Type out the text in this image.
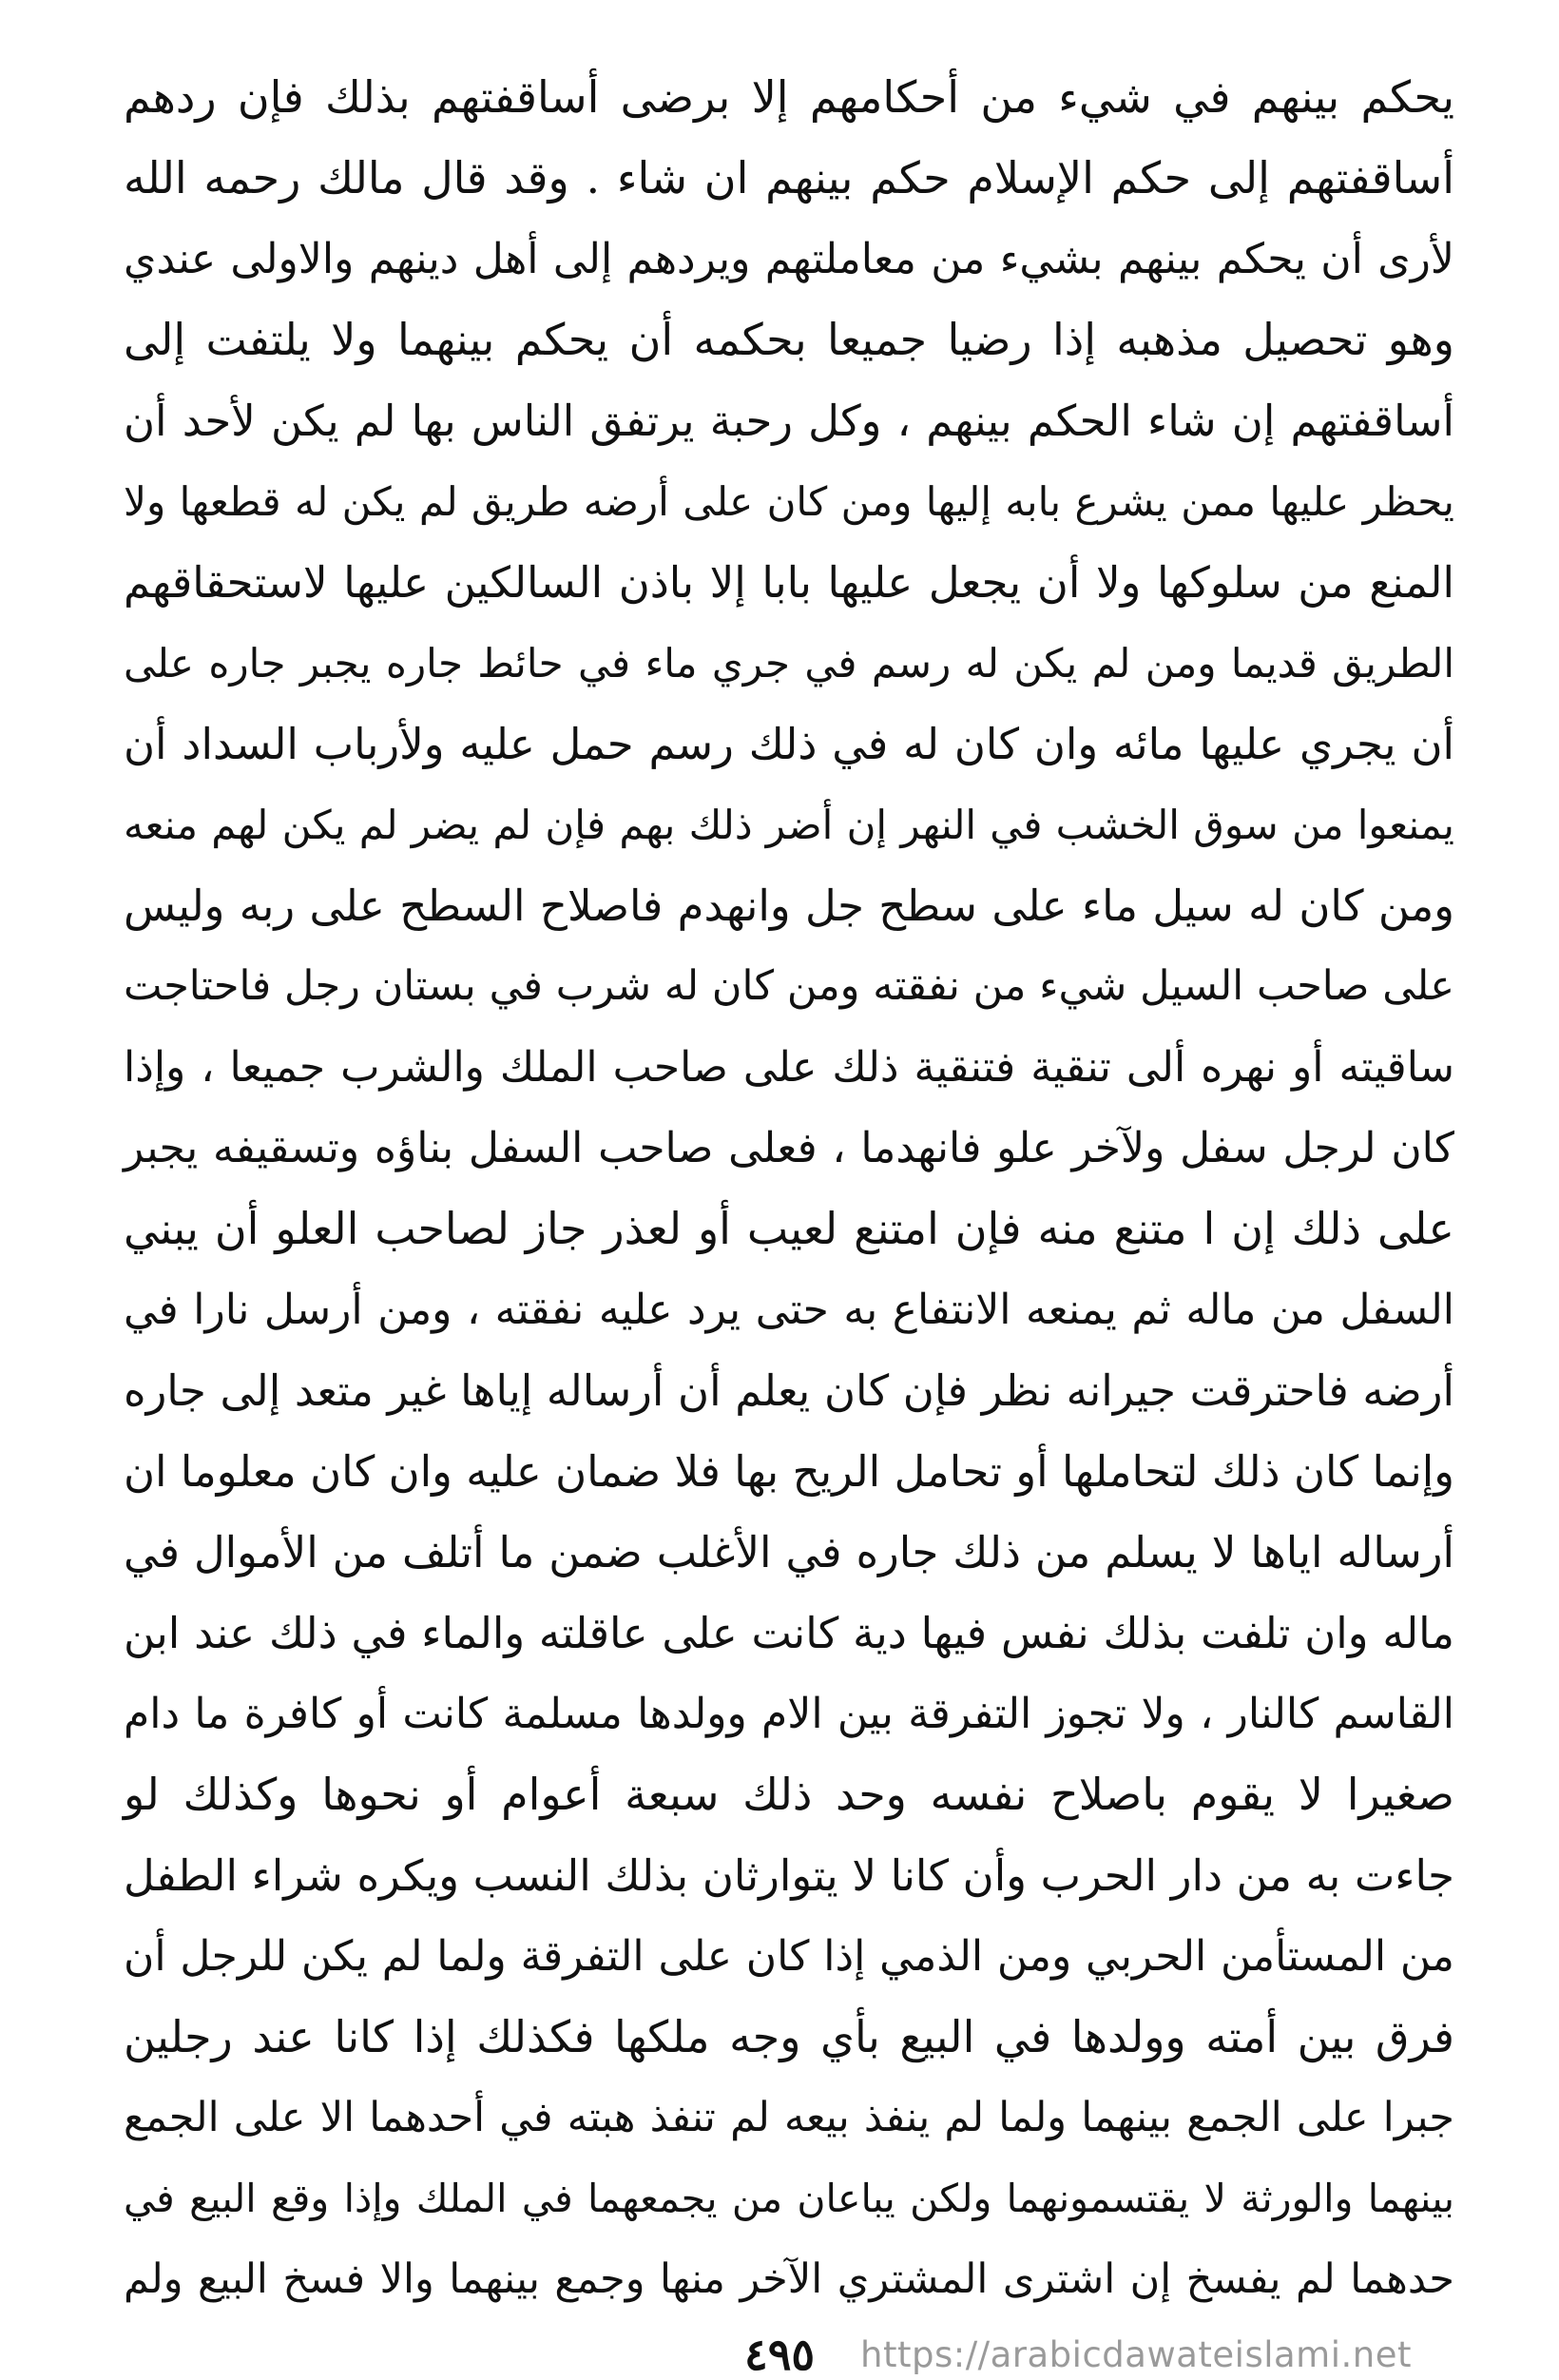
يحكم بينهم في شيء من أحكامهم إلا برضى أساقفتهم بذلك فإن ردهم
أساقفتهم إلى حكم الإسلام حكم بينهم ان شاء . وقد قال مالك رحمه الله
لأرى أن يحكم بينهم بشيء من معاملتهم ويردهم إلى أهل دينهم والاولى عندي
وهو تحصيل مذهبه إذا رضيا جميعا بحكمه أن يحكم بينهما ولا يلتفت إلى
أساقفتهم إن شاء الحكم بينهم ، وكل رحبة يرتفق الناس بها لم يكن لأحد أن
يحظر عليها ممن يشرع بابه إليها ومن كان على أرضه طريق لم يكن له قطعها ولا
المنع من سلوكها ولا أن يجعل عليها بابا إلا باذن السالكين عليها لاستحقاقهم
الطريق قديما ومن لم يكن له رسم في جري ماء في حائط جاره يجبر جاره على
أن يجري عليها مائه وان كان له في ذلك رسم حمل عليه ولأرباب السداد أن
يمنعوا من سوق الخشب في النهر إن أضر ذلك بهم فإن لم يضر لم يكن لهم منعه
ومن كان له سيل ماء على سطح جل وانهدم فاصلاح السطح على ربه وليس
على صاحب السيل شيء من نفقته ومن كان له شرب في بستان رجل فاحتاجت
ساقيته أو نهره ألى تنقية فتنقية ذلك على صاحب الملك والشرب جميعا ، وإذا
كان لرجل سفل ولآخر علو فانهدما ، فعلى صاحب السفل بناؤه وتسقيفه يجبر
على ذلك إن ا متنع منه فإن امتنع لعيب أو لعذر جاز لصاحب العلو أن يبني
السفل من ماله ثم يمنعه الانتفاع به حتى يرد عليه نفقته ، ومن أرسل نارا في
أرضه فاحترقت جيرانه نظر فإن كان يعلم أن أرساله إياها غير متعد إلى جاره
وإنما كان ذلك لتحاملها أو تحامل الريح بها فلا ضمان عليه وان كان معلوما ان
أرساله اياها لا يسلم من ذلك جاره في الأغلب ضمن ما أتلف من الأموال في
ماله وان تلفت بذلك نفس فيها دية كانت على عاقلته والماء في ذلك عند ابن
القاسم كالنار ، ولا تجوز التفرقة بين الام وولدها مسلمة كانت أو كافرة ما دام
صغيرا لا يقوم باصلاح نفسه وحد ذلك سبعة أعوام أو نحوها وكذلك لو
جاءت به من دار الحرب وأن كانا لا يتوارثان بذلك النسب ويكره شراء الطفل
من المستأمن الحربي ومن الذمي إذا كان على التفرقة ولما لم يكن للرجل أن
فرق بين أمته وولدها في البيع بأي وجه ملكها فكذلك إذا كانا عند رجلين
جبرا على الجمع بينهما ولما لم ينفذ بيعه لم تنفذ هبته في أحدهما الا على الجمع
بينهما والورثة لا يقتسمونهما ولكن يباعان من يجمعهما في الملك وإذا وقع البيع في
حدهما لم يفسخ إن اشترى المشتري الآخر منها وجمع بينهما والا فسخ البيع ولم
٤٩٥ https://arabicdawateislami.net
